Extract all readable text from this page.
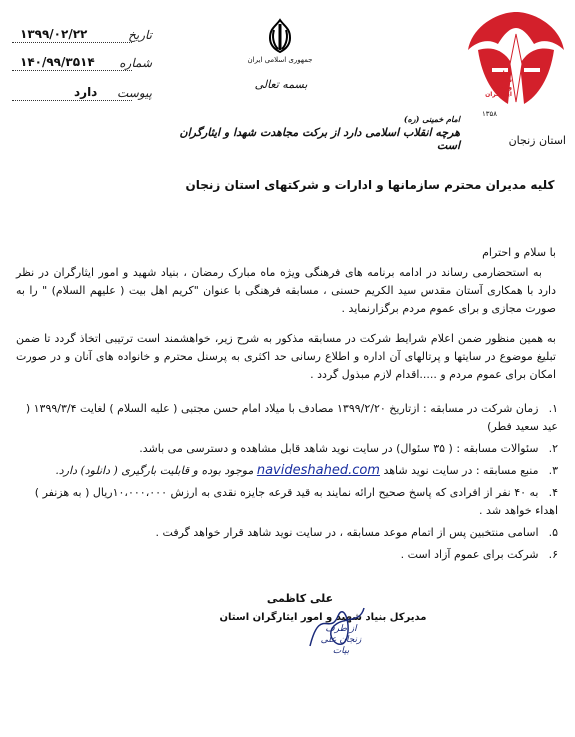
تاریخ
۱۳۹۹/۰۲/۲۲
شماره
۱۴۰/۹۹/۳۵۱۴
پیوست
دارد
جمهوری اسلامی ایران
بسمه تعالی
بنیاد
شهید
و امور ایثارگران
۱۳۵۸
استان زنجان
امام خمینی (ره)
هرچه انقلاب اسلامی دارد از برکت مجاهدت شهدا و ایثارگران است
کلیه مدیران محترم سازمانها و ادارات و شرکتهای استان زنجان
با سلام و احترام
به استحضارمی رساند در ادامه برنامه های فرهنگی ویژه ماه مبارک رمضان ، بنیاد شهید و امور ایثارگران در نظر دارد با همکاری آستان مقدس سید الکریم حسنی ، مسابقه فرهنگی با عنوان "کریم اهل بیت ( علیهم السلام) " را به صورت مجازی و برای عموم مردم برگزارنماید .
به همین منظور ضمن اعلام شرایط شرکت در مسابقه مذکور به شرح زیر، خواهشمند است ترتیبی اتخاذ گردد تا ضمن تبلیغ موضوع در سایتها و پرتالهای آن اداره و اطلاع رسانی حد اکثری به پرسنل محترم و خانواده های آنان و در صورت امکان برای عموم مردم و .....اقدام لازم مبذول گردد .
۱. زمان شرکت در مسابقه : ازتاریخ ۱۳۹۹/۲/۲۰ مصادف با میلاد امام حسن مجتبی ( علیه السلام ) لغایت ۱۳۹۹/۳/۴ ( عید سعید فطر)
۲. سئوالات مسابقه : ( ۳۵ سئوال) در سایت نوید شاهد قابل مشاهده و دسترسی می باشد.
۳. منبع مسابقه : در سایت نوید شاهد navideshahed.com موجود بوده و قابلیت بارگیری ( دانلود) دارد.
۴. به ۴۰ نفر از افرادی که پاسخ صحیح ارائه نمایند به قید قرعه جایزه نقدی به ارزش ۱۰،۰۰۰،۰۰۰ریال ( به هزنفر ) اهداء خواهد شد .
۵. اسامی منتخبین پس از اتمام موعد مسابقه ، در سایت نوید شاهد قرار خواهد گرفت .
۶. شرکت برای عموم آزاد است .
علی کاظمی
مدیرکل بنیاد شهید و امور ایثارگران استان
از طرف زنجان علی بیات
